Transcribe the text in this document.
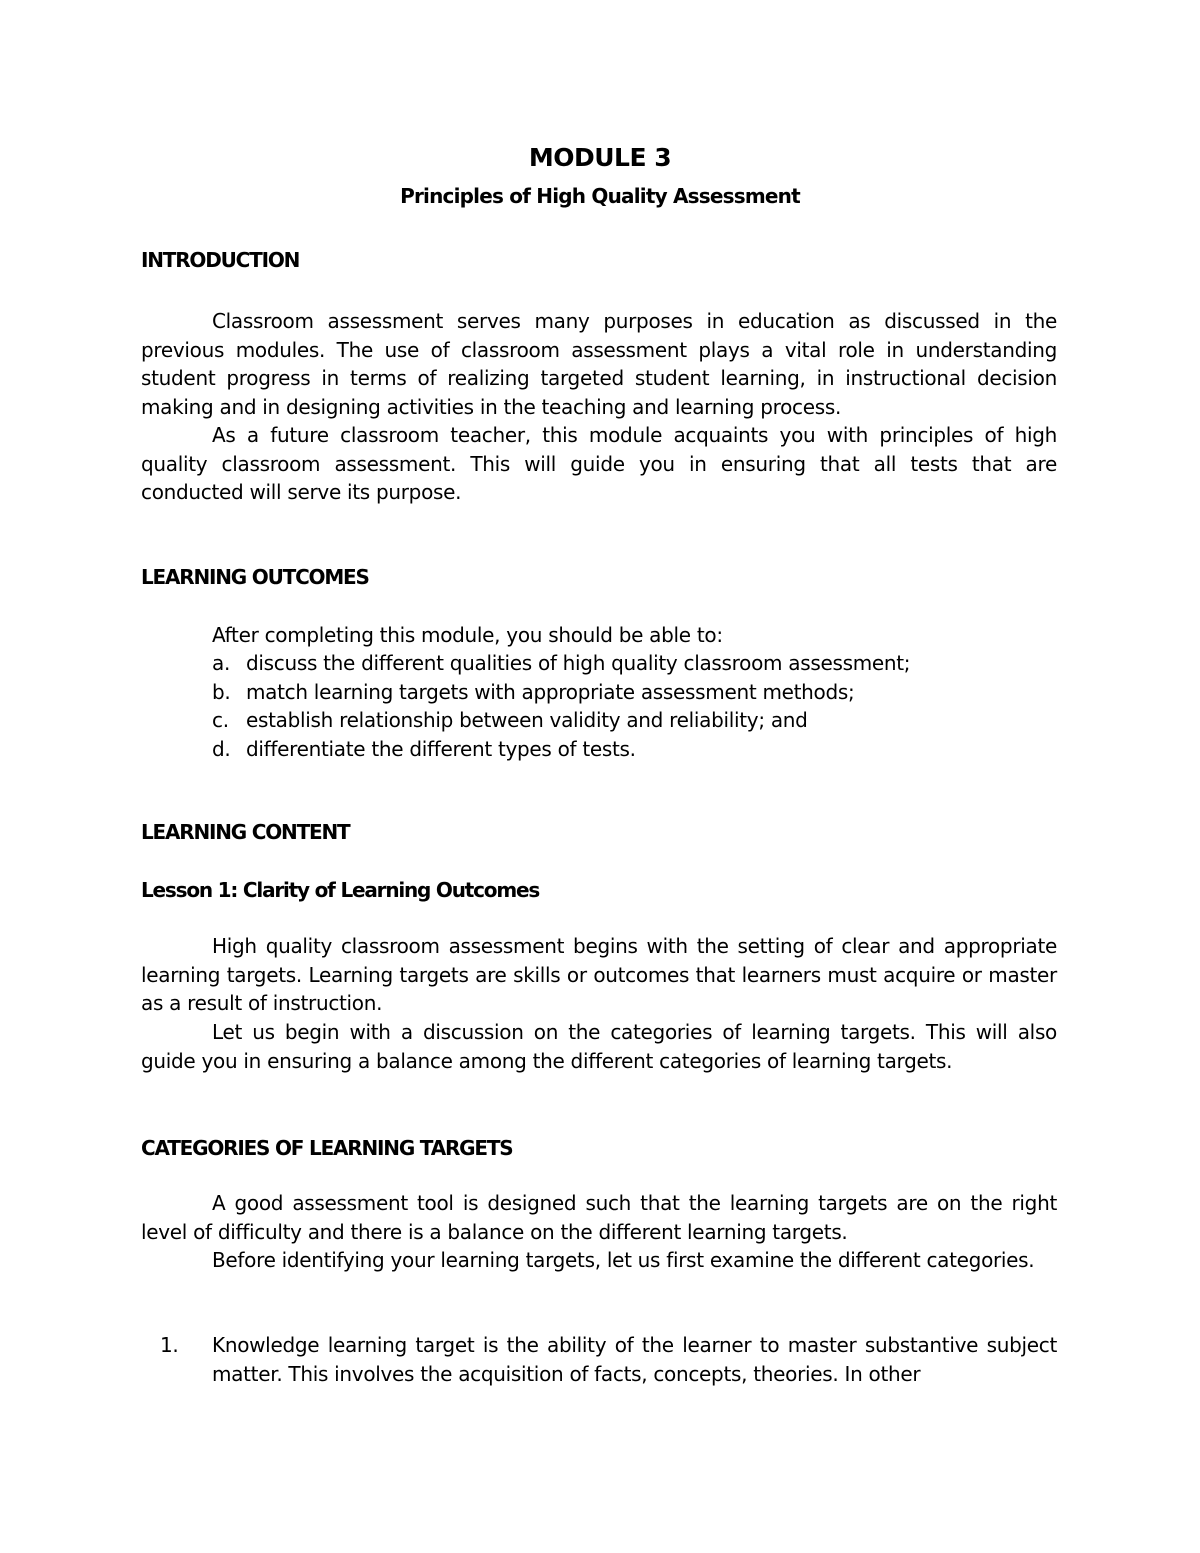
MODULE 3
Principles of High Quality Assessment
INTRODUCTION
Classroom assessment serves many purposes in education as discussed in the previous modules. The use of classroom assessment plays a vital role in understanding student progress in terms of realizing targeted student learning, in instructional decision making and in designing activities in the teaching and learning process.
As a future classroom teacher, this module acquaints you with principles of high quality classroom assessment. This will guide you in ensuring that all tests that are conducted will serve its purpose.
LEARNING OUTCOMES
After completing this module, you should be able to:
a. discuss the different qualities of high quality classroom assessment;
b. match learning targets with appropriate assessment methods;
c. establish relationship between validity and reliability; and
d. differentiate the different types of tests.
LEARNING CONTENT
Lesson 1: Clarity of Learning Outcomes
High quality classroom assessment begins with the setting of clear and appropriate learning targets. Learning targets are skills or outcomes that learners must acquire or master as a result of instruction.
Let us begin with a discussion on the categories of learning targets. This will also guide you in ensuring a balance among the different categories of learning targets.
CATEGORIES OF LEARNING TARGETS
A good assessment tool is designed such that the learning targets are on the right level of difficulty and there is a balance on the different learning targets.
Before identifying your learning targets, let us first examine the different categories.
1. Knowledge learning target is the ability of the learner to master substantive subject matter. This involves the acquisition of facts, concepts, theories. In other
